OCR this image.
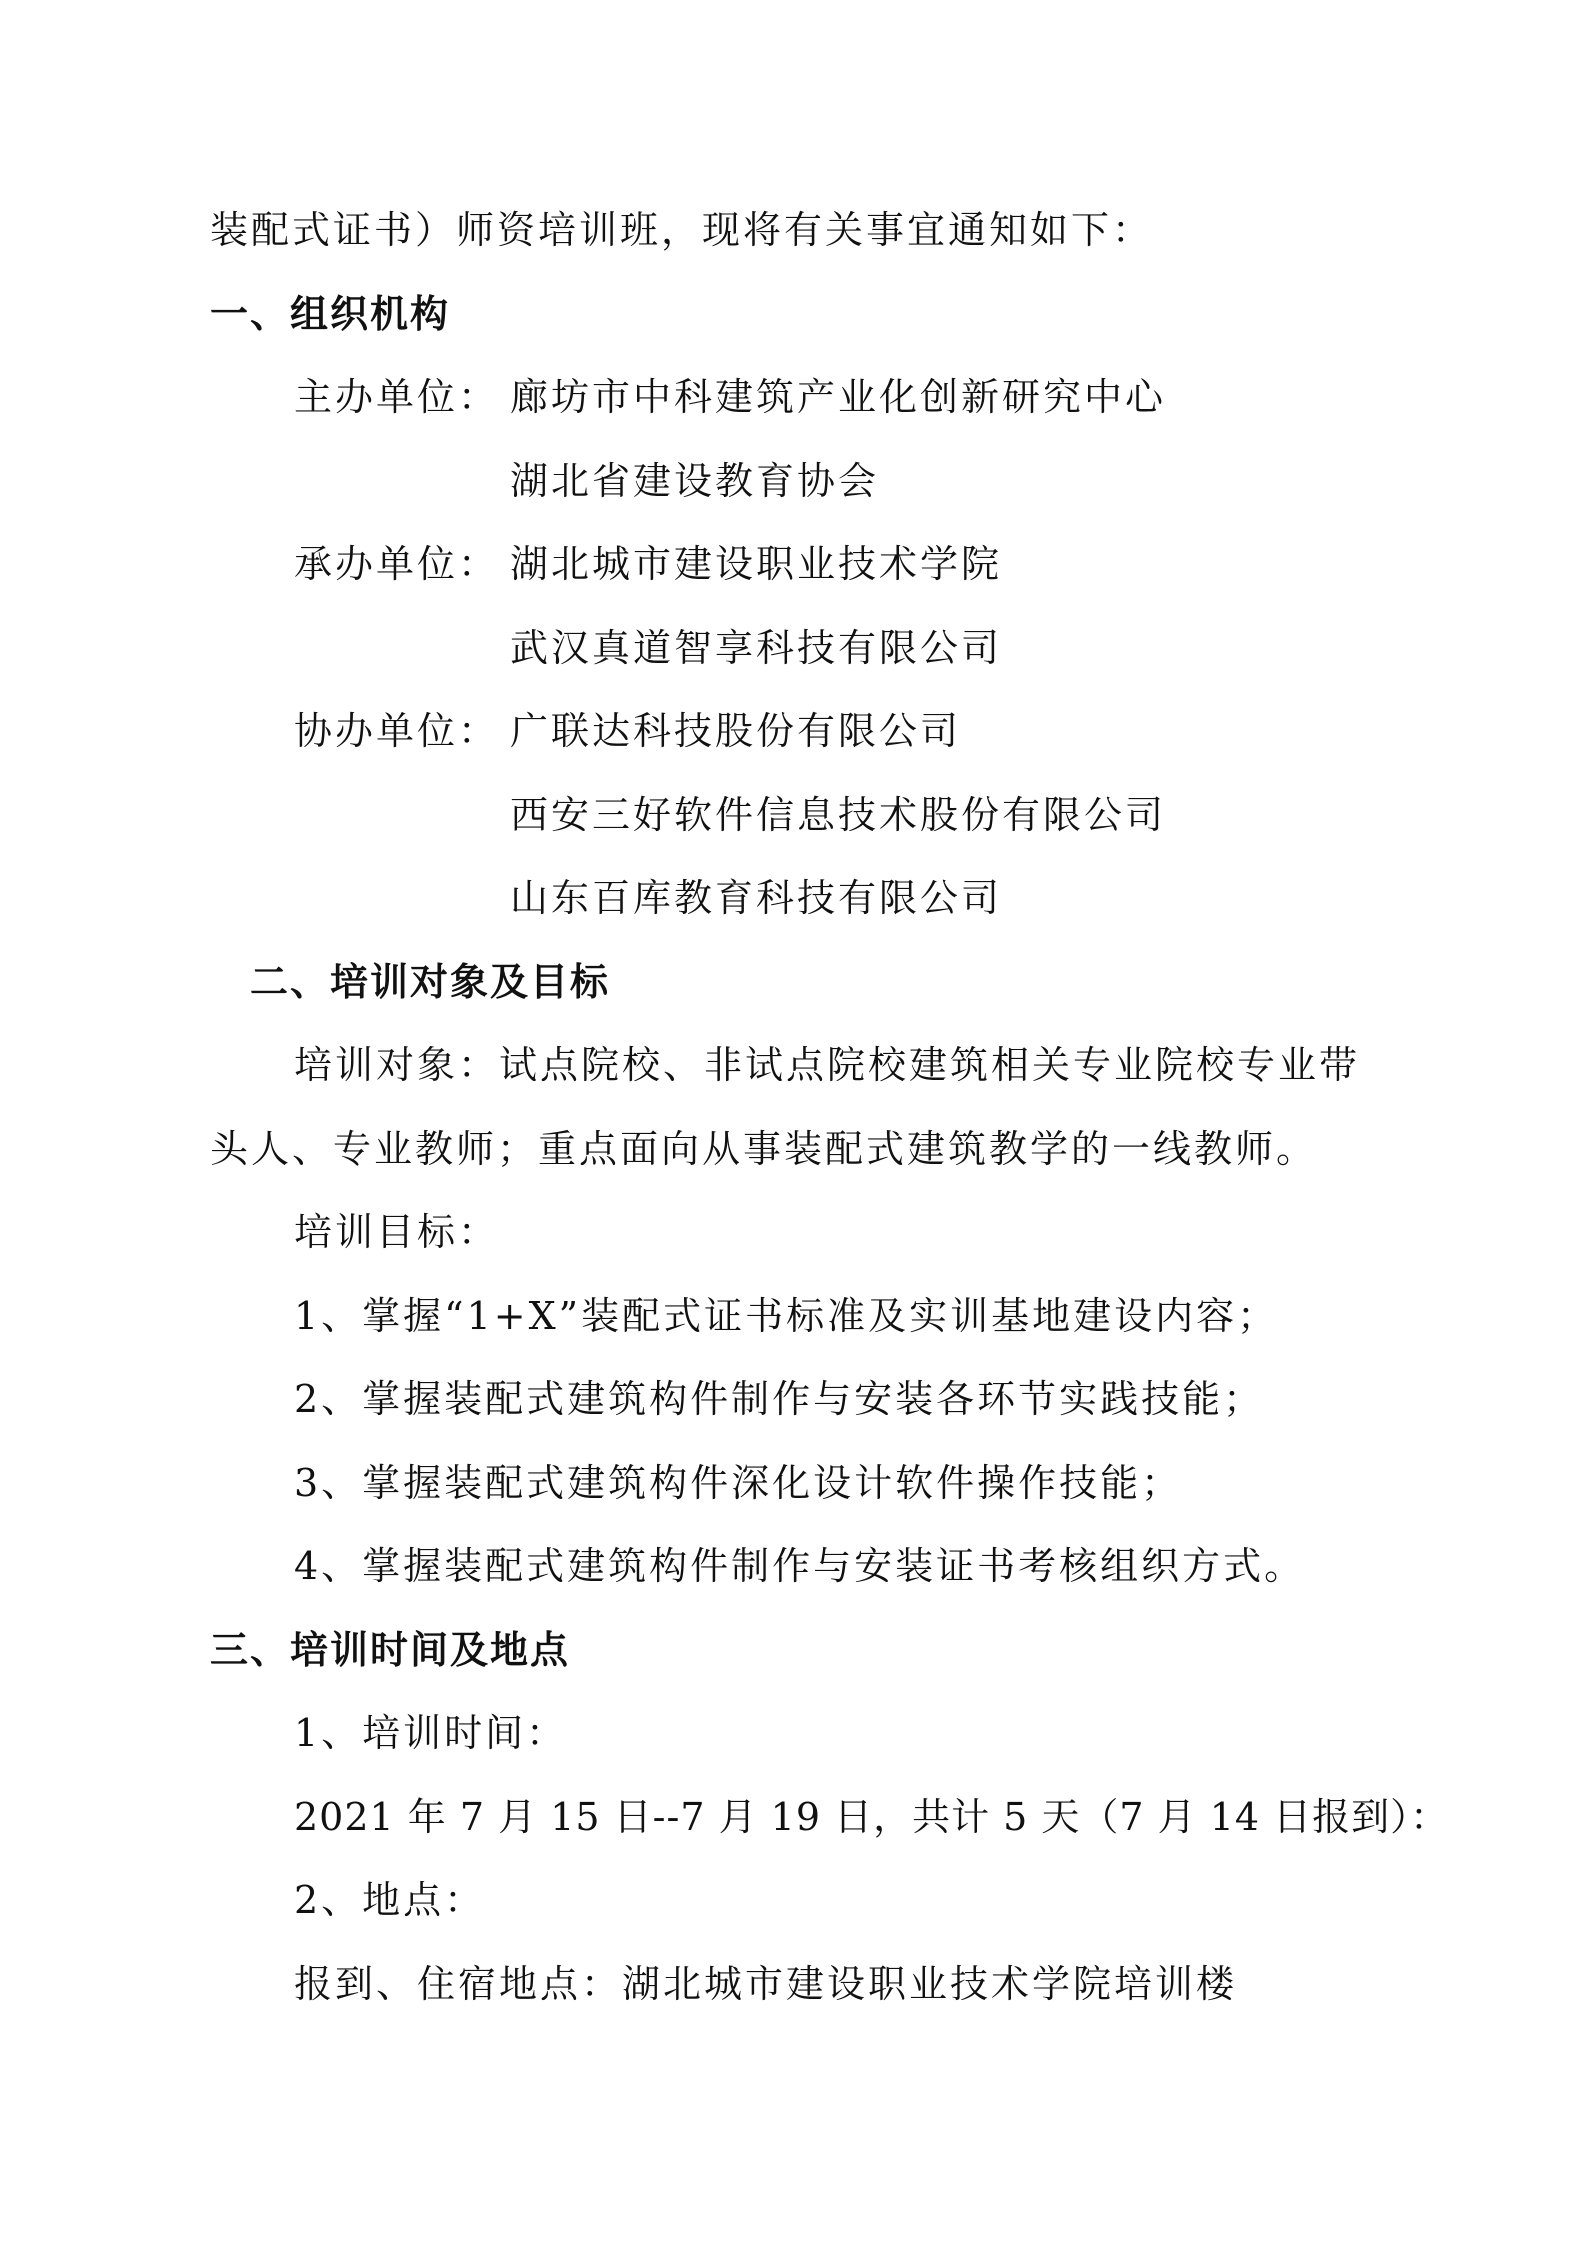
装配式证书）师资培训班，现将有关事宜通知如下：
一、组织机构
主办单位： 廊坊市中科建筑产业化创新研究中心
湖北省建设教育协会
承办单位： 湖北城市建设职业技术学院
武汉真道智享科技有限公司
协办单位： 广联达科技股份有限公司
西安三好软件信息技术股份有限公司
山东百库教育科技有限公司
二、培训对象及目标
培训对象：试点院校、非试点院校建筑相关专业院校专业带
头人、专业教师；重点面向从事装配式建筑教学的一线教师。
培训目标：
1、掌握“1+X”装配式证书标准及实训基地建设内容；
2、掌握装配式建筑构件制作与安装各环节实践技能；
3、掌握装配式建筑构件深化设计软件操作技能；
4、掌握装配式建筑构件制作与安装证书考核组织方式。
三、培训时间及地点
1、培训时间：
2021 年 7 月 15 日--7 月 19 日，共计 5 天（7 月 14 日报到）：
2、地点：
报到、住宿地点：湖北城市建设职业技术学院培训楼
